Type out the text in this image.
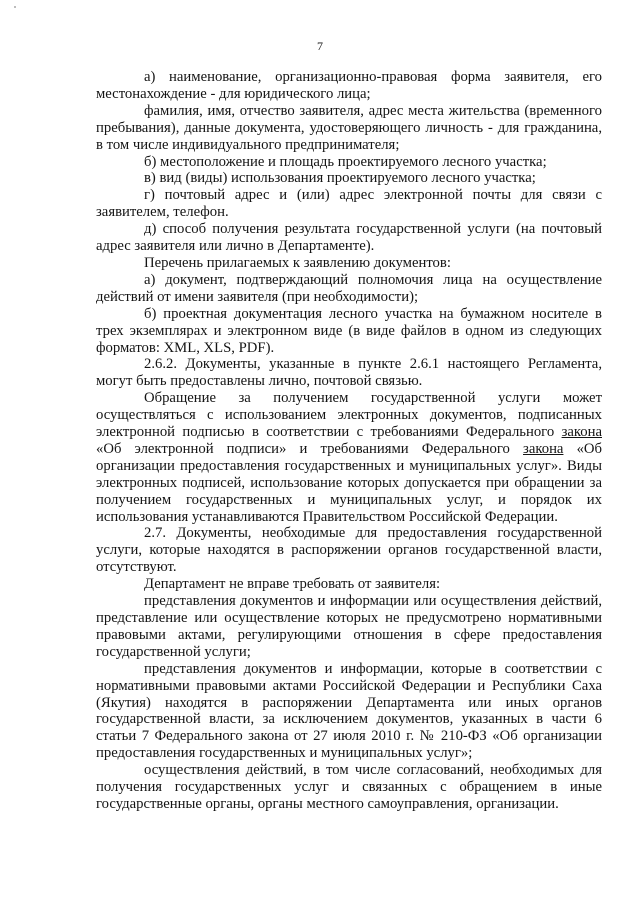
7

а) наименование, организационно-правовая форма заявителя, его местонахождение - для юридического лица;

фамилия, имя, отчество заявителя, адрес места жительства (временного пребывания), данные документа, удостоверяющего личность - для гражданина, в том числе индивидуального предпринимателя;

б) местоположение и площадь проектируемого лесного участка;

в) вид (виды) использования проектируемого лесного участка;

г) почтовый адрес и (или) адрес электронной почты для связи с заявителем, телефон.

д) способ получения результата государственной услуги (на почтовый адрес заявителя или лично в Департаменте).

Перечень прилагаемых к заявлению документов:

а) документ, подтверждающий полномочия лица на осуществление действий от имени заявителя (при необходимости);

б) проектная документация лесного участка на бумажном носителе в трех экземплярах и электронном виде (в виде файлов в одном из следующих форматов: XML, XLS, PDF).

2.6.2. Документы, указанные в пункте 2.6.1 настоящего Регламента, могут быть предоставлены лично, почтовой связью.

Обращение за получением государственной услуги может осуществляться с использованием электронных документов, подписанных электронной подписью в соответствии с требованиями Федерального закона «Об электронной подписи» и требованиями Федерального закона «Об организации предоставления государственных и муниципальных услуг». Виды электронных подписей, использование которых допускается при обращении за получением государственных и муниципальных услуг, и порядок их использования устанавливаются Правительством Российской Федерации.

2.7. Документы, необходимые для предоставления государственной услуги, которые находятся в распоряжении органов государственной власти, отсутствуют.

Департамент не вправе требовать от заявителя:

представления документов и информации или осуществления действий, представление или осуществление которых не предусмотрено нормативными правовыми актами, регулирующими отношения в сфере предоставления государственной услуги;

представления документов и информации, которые в соответствии с нормативными правовыми актами Российской Федерации и Республики Саха (Якутия) находятся в распоряжении Департамента или иных органов государственной власти, за исключением документов, указанных в части 6 статьи 7 Федерального закона от 27 июля 2010 г. № 210-ФЗ «Об организации предоставления государственных и муниципальных услуг»;

осуществления действий, в том числе согласований, необходимых для получения государственных услуг и связанных с обращением в иные государственные органы, органы местного самоуправления, организации.
